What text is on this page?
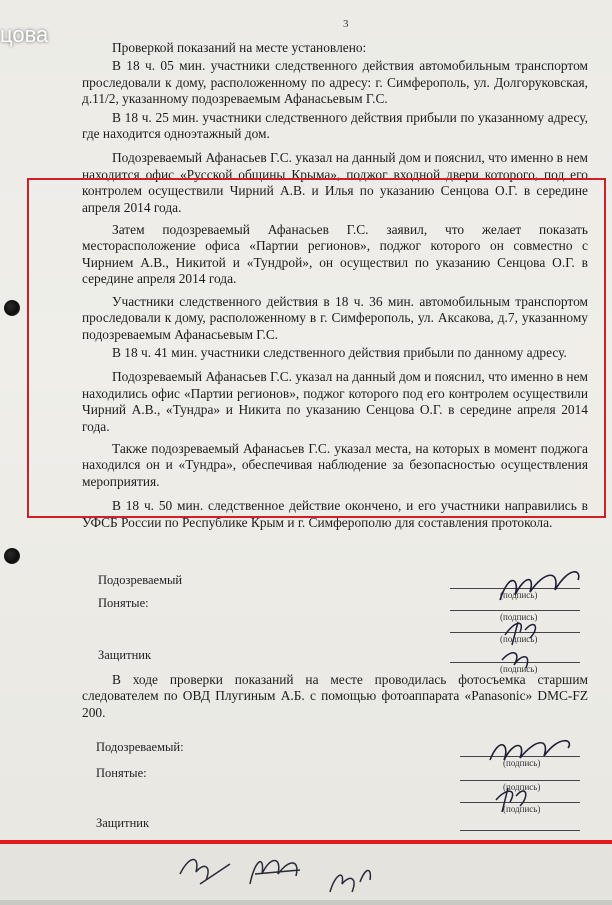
3

Проверкой показаний на месте установлено:

В 18 ч. 05 мин. участники следственного действия автомобильным транспортом проследовали к дому, расположенному по адресу: г. Симферополь, ул. Долгоруковская, д.11/2, указанному подозреваемым Афанасьевым Г.С.

В 18 ч. 25 мин. участники следственного действия прибыли по указанному адресу, где находится одноэтажный дом.

Подозреваемый Афанасьев Г.С. указал на данный дом и пояснил, что именно в нем находится офис «Русской общины Крыма», поджог входной двери которого, под его контролем осуществили Чирний А.В. и Илья по указанию Сенцова О.Г. в середине апреля 2014 года.

Затем подозреваемый Афанасьев Г.С. заявил, что желает показать месторасположение офиса «Партии регионов», поджог которого он совместно с Чирнием А.В., Никитой и «Тундрой», он осуществил по указанию Сенцова О.Г. в середине апреля 2014 года.

Участники следственного действия в 18 ч. 36 мин. автомобильным транспортом проследовали к дому, расположенному в г. Симферополь, ул. Аксакова, д.7, указанному подозреваемым Афанасьевым Г.С.

В 18 ч. 41 мин. участники следственного действия прибыли по данному адресу.

Подозреваемый Афанасьев Г.С. указал на данный дом и пояснил, что именно в нем находились офис «Партии регионов», поджог которого под его контролем осуществили Чирний А.В., «Тундра» и Никита по указанию Сенцова О.Г. в середине апреля 2014 года.

Также подозреваемый Афанасьев Г.С. указал места, на которых в момент поджога находился он и «Тундра», обеспечивая наблюдение за безопасностью осуществления мероприятия.

В 18 ч. 50 мин. следственное действие окончено, и его участники направились в УФСБ России по Республике Крым и г. Симферополю для составления протокола.

Подозреваемый
(подпись)
Понятые:
(подпись)
(подпись)
Защитник
(подпись)

В ходе проверки показаний на месте проводилась фотосъемка старшим следователем по ОВД Плугиным А.Б. с помощью фотоаппарата «Panasonic» DMC-FZ 200.

Подозреваемый:
(подпись)
Понятые:
(подпись)
(подпись)
Защитник
цова
